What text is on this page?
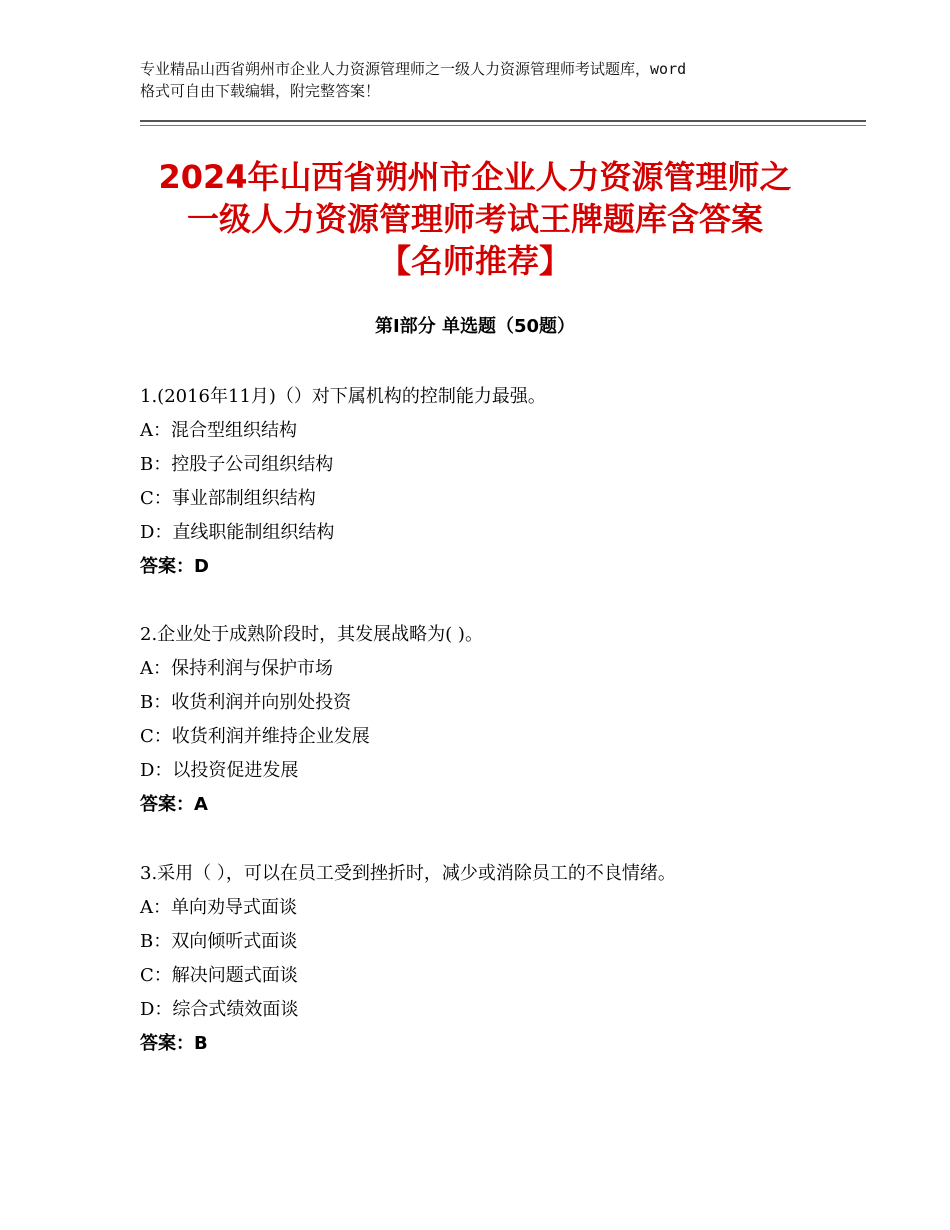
专业精品山西省朔州市企业人力资源管理师之一级人力资源管理师考试题库，word
格式可自由下载编辑，附完整答案！
2024年山西省朔州市企业人力资源管理师之
一级人力资源管理师考试王牌题库含答案
【名师推荐】
第Ⅰ部分 单选题（50题）
1.(2016年11月)（）对下属机构的控制能力最强。
A：混合型组织结构
B：控股子公司组织结构
C：事业部制组织结构
D：直线职能制组织结构
答案：D
2.企业处于成熟阶段时，其发展战略为( )。
A：保持利润与保护市场
B：收货利润并向别处投资
C：收货利润并维持企业发展
D：以投资促进发展
答案：A
3.采用（ ），可以在员工受到挫折时，减少或消除员工的不良情绪。
A：单向劝导式面谈
B：双向倾听式面谈
C：解决问题式面谈
D：综合式绩效面谈
答案：B
